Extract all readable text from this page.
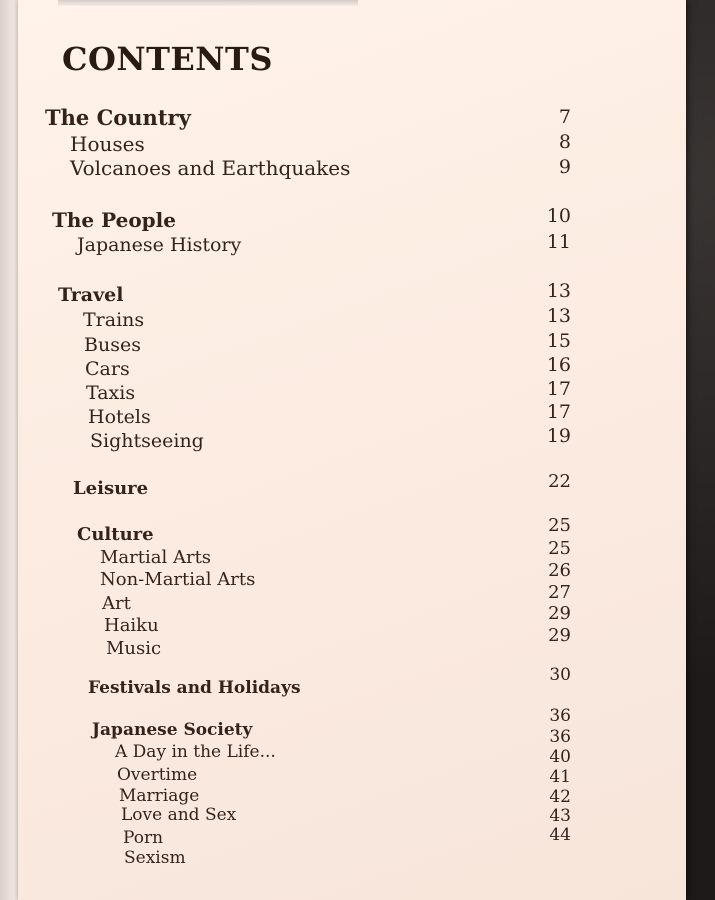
CONTENTS
The Country
Houses
Volcanoes and Earthquakes
The People
Japanese History
Travel
Trains
Buses
Cars
Taxis
Hotels
Sightseeing
Leisure
Culture
Martial Arts
Non-Martial Arts
Art
Haiku
Music
Festivals and Holidays
Japanese Society
A Day in the Life...
Overtime
Marriage
Love and Sex
Porn
Sexism
7
8
9
10
11
13
13
15
16
17
17
19
22
25
25
26
27
29
29
30
36
36
40
41
42
43
44
